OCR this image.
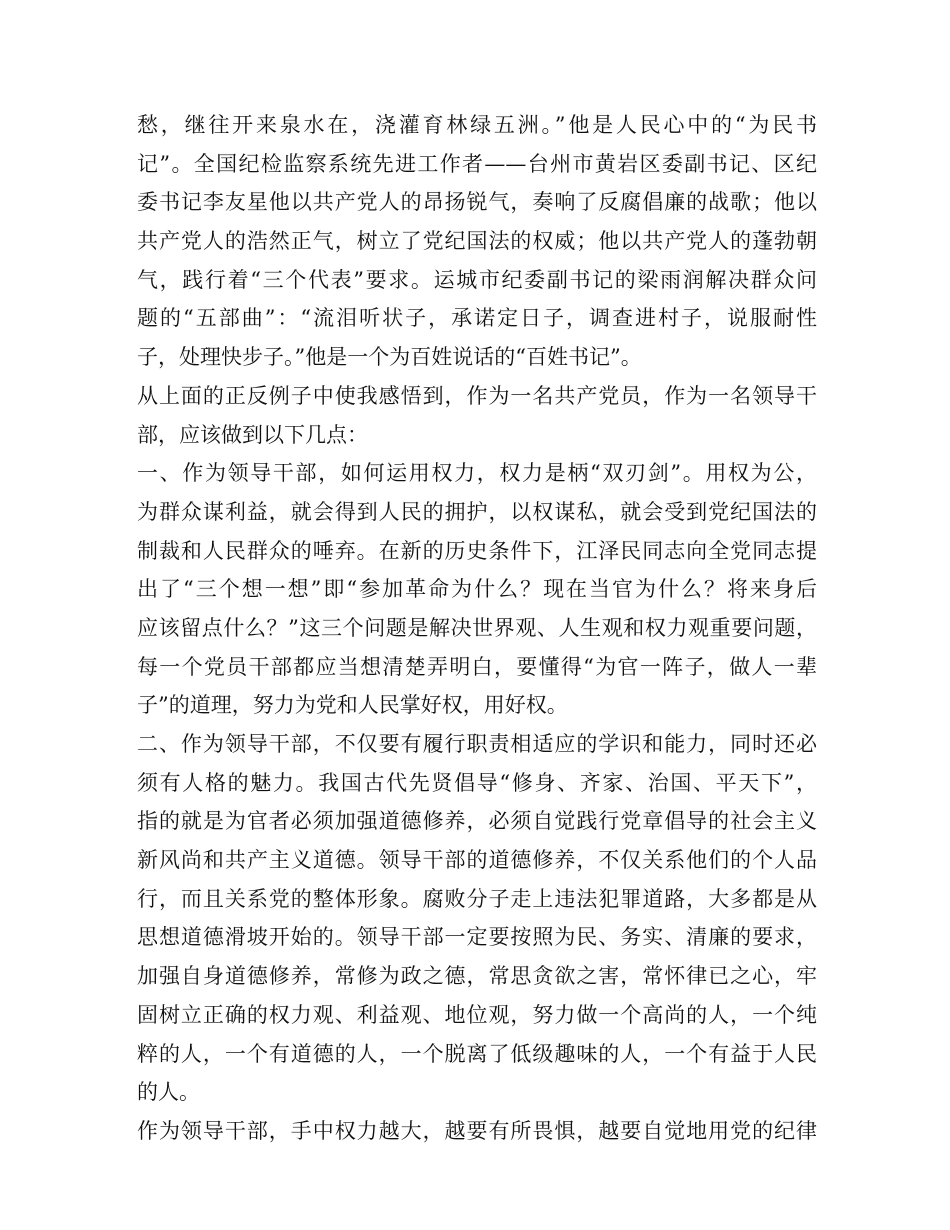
愁，继往开来泉水在，浇灌育林绿五洲。”他是人民心中的“为民书
记”。全国纪检监察系统先进工作者——台州市黄岩区委副书记、区纪
委书记李友星他以共产党人的昂扬锐气，奏响了反腐倡廉的战歌；他以
共产党人的浩然正气，树立了党纪国法的权威；他以共产党人的蓬勃朝
气，践行着“三个代表”要求。运城市纪委副书记的梁雨润解决群众问
题的“五部曲”：“流泪听状子，承诺定日子，调查进村子，说服耐性
子，处理快步子。”他是一个为百姓说话的“百姓书记”。
从上面的正反例子中使我感悟到，作为一名共产党员，作为一名领导干
部，应该做到以下几点：
一、作为领导干部，如何运用权力，权力是柄“双刃剑”。用权为公，
为群众谋利益，就会得到人民的拥护，以权谋私，就会受到党纪国法的
制裁和人民群众的唾弃。在新的历史条件下，江泽民同志向全党同志提
出了“三个想一想”即“参加革命为什么？现在当官为什么？将来身后
应该留点什么？”这三个问题是解决世界观、人生观和权力观重要问题，
每一个党员干部都应当想清楚弄明白，要懂得“为官一阵子，做人一辈
子”的道理，努力为党和人民掌好权，用好权。
二、作为领导干部，不仅要有履行职责相适应的学识和能力，同时还必
须有人格的魅力。我国古代先贤倡导“修身、齐家、治国、平天下”，
指的就是为官者必须加强道德修养，必须自觉践行党章倡导的社会主义
新风尚和共产主义道德。领导干部的道德修养，不仅关系他们的个人品
行，而且关系党的整体形象。腐败分子走上违法犯罪道路，大多都是从
思想道德滑坡开始的。领导干部一定要按照为民、务实、清廉的要求，
加强自身道德修养，常修为政之德，常思贪欲之害，常怀律已之心，牢
固树立正确的权力观、利益观、地位观，努力做一个高尚的人，一个纯
粹的人，一个有道德的人，一个脱离了低级趣味的人，一个有益于人民
的人。
作为领导干部，手中权力越大，越要有所畏惧，越要自觉地用党的纪律
